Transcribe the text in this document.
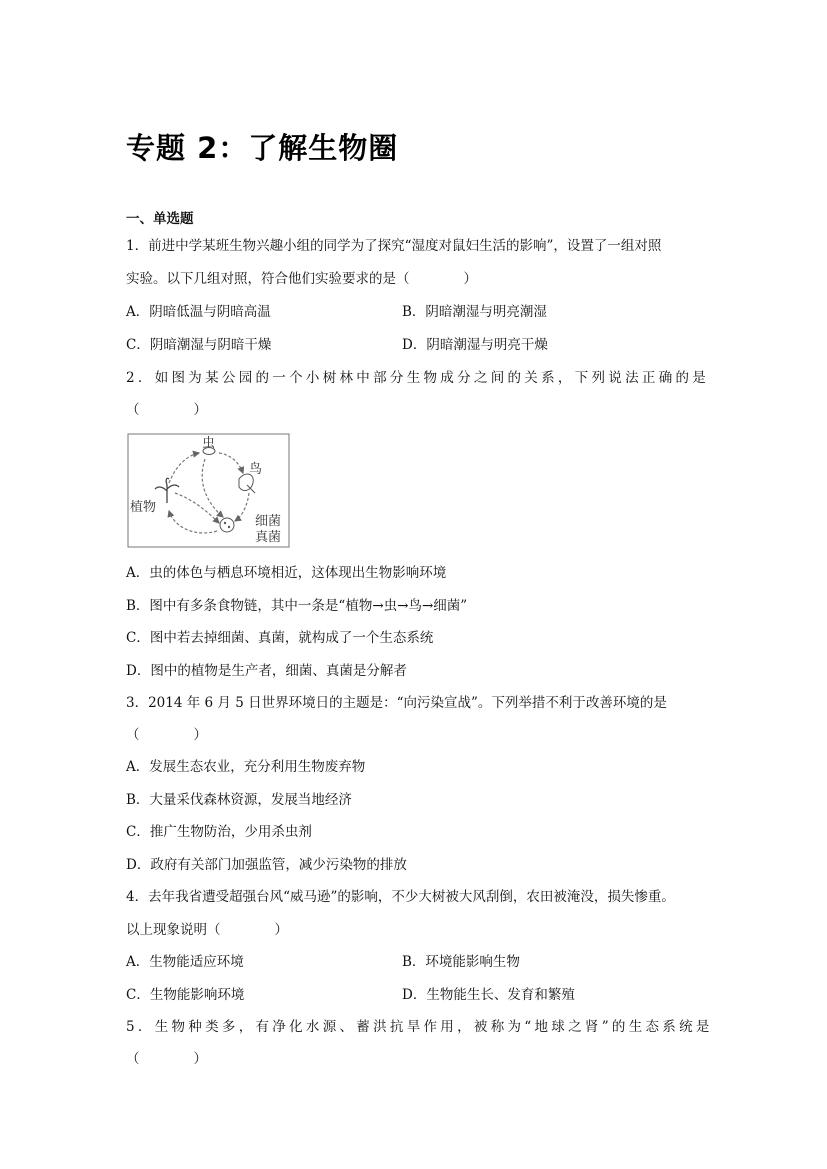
专题 2：了解生物圈
一、单选题
1．前进中学某班生物兴趣小组的同学为了探究“湿度对鼠妇生活的影响”，设置了一组对照
实验。以下几组对照，符合他们实验要求的是（　　　　）
A．阴暗低温与阴暗高温	B．阴暗潮湿与明亮潮湿
C．阴暗潮湿与阴暗干燥	D．阴暗潮湿与明亮干燥
2．如图为某公园的一个小树林中部分生物成分之间的关系，下列说法正确的是
（　　　　）
虫
鸟
植物
细菌
真菌
A．虫的体色与栖息环境相近，这体现出生物影响环境
B．图中有多条食物链，其中一条是“植物→虫→鸟→细菌”
C．图中若去掉细菌、真菌，就构成了一个生态系统
D．图中的植物是生产者，细菌、真菌是分解者
3．2014 年 6 月 5 日世界环境日的主题是：“向污染宣战”。下列举措不利于改善环境的是
（　　　　）
A．发展生态农业，充分利用生物废弃物
B．大量采伐森林资源，发展当地经济
C．推广生物防治，少用杀虫剂
D．政府有关部门加强监管，减少污染物的排放
4．去年我省遭受超强台风“威马逊”的影响，不少大树被大风刮倒，农田被淹没，损失惨重。
以上现象说明（　　　　）
A．生物能适应环境	B．环境能影响生物
C．生物能影响环境	D．生物能生长、发育和繁殖
5．生物种类多，有净化水源、蓄洪抗旱作用，被称为“地球之肾”的生态系统是
（　　　　）
